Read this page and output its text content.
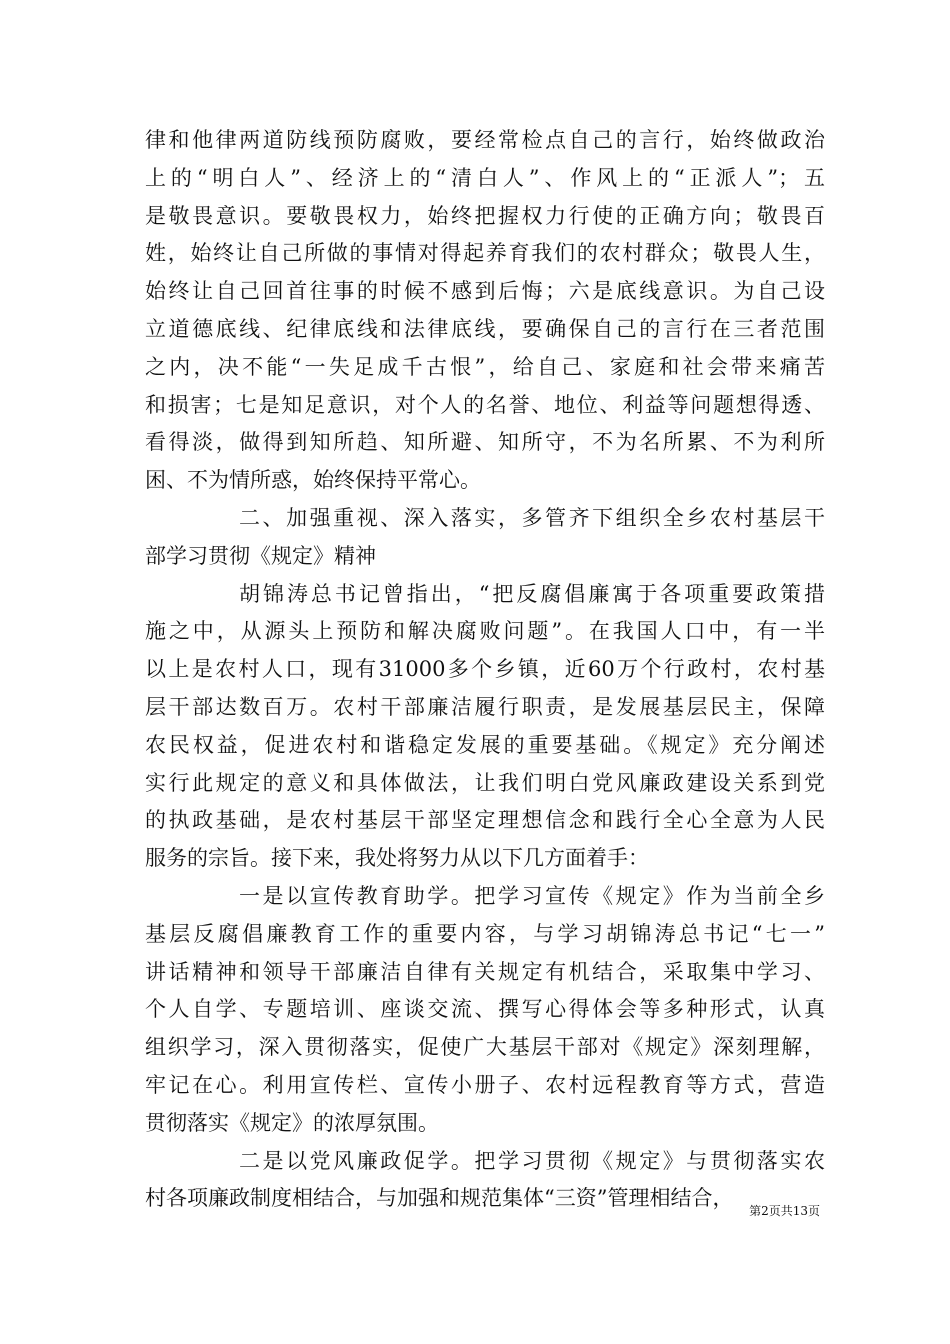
律和他律两道防线预防腐败，要经常检点自己的言行，始终做政治
上的“明白人”、经济上的“清白人”、作风上的“正派人”；五
是敬畏意识。要敬畏权力，始终把握权力行使的正确方向；敬畏百
姓，始终让自己所做的事情对得起养育我们的农村群众；敬畏人生，
始终让自己回首往事的时候不感到后悔；六是底线意识。为自己设
立道德底线、纪律底线和法律底线，要确保自己的言行在三者范围
之内，决不能“一失足成千古恨”，给自己、家庭和社会带来痛苦
和损害；七是知足意识，对个人的名誉、地位、利益等问题想得透、
看得淡，做得到知所趋、知所避、知所守，不为名所累、不为利所
困、不为情所惑，始终保持平常心。
二、加强重视、深入落实，多管齐下组织全乡农村基层干
部学习贯彻《规定》精神
胡锦涛总书记曾指出，“把反腐倡廉寓于各项重要政策措
施之中，从源头上预防和解决腐败问题”。在我国人口中，有一半
以上是农村人口，现有31000多个乡镇，近60万个行政村，农村基
层干部达数百万。农村干部廉洁履行职责，是发展基层民主，保障
农民权益，促进农村和谐稳定发展的重要基础。《规定》充分阐述
实行此规定的意义和具体做法，让我们明白党风廉政建设关系到党
的执政基础，是农村基层干部坚定理想信念和践行全心全意为人民
服务的宗旨。接下来，我处将努力从以下几方面着手：
一是以宣传教育助学。把学习宣传《规定》作为当前全乡
基层反腐倡廉教育工作的重要内容，与学习胡锦涛总书记“七一”
讲话精神和领导干部廉洁自律有关规定有机结合，采取集中学习、
个人自学、专题培训、座谈交流、撰写心得体会等多种形式，认真
组织学习，深入贯彻落实，促使广大基层干部对《规定》深刻理解，
牢记在心。利用宣传栏、宣传小册子、农村远程教育等方式，营造
贯彻落实《规定》的浓厚氛围。
二是以党风廉政促学。把学习贯彻《规定》与贯彻落实农
村各项廉政制度相结合，与加强和规范集体“三资”管理相结合，
第2页共13页
